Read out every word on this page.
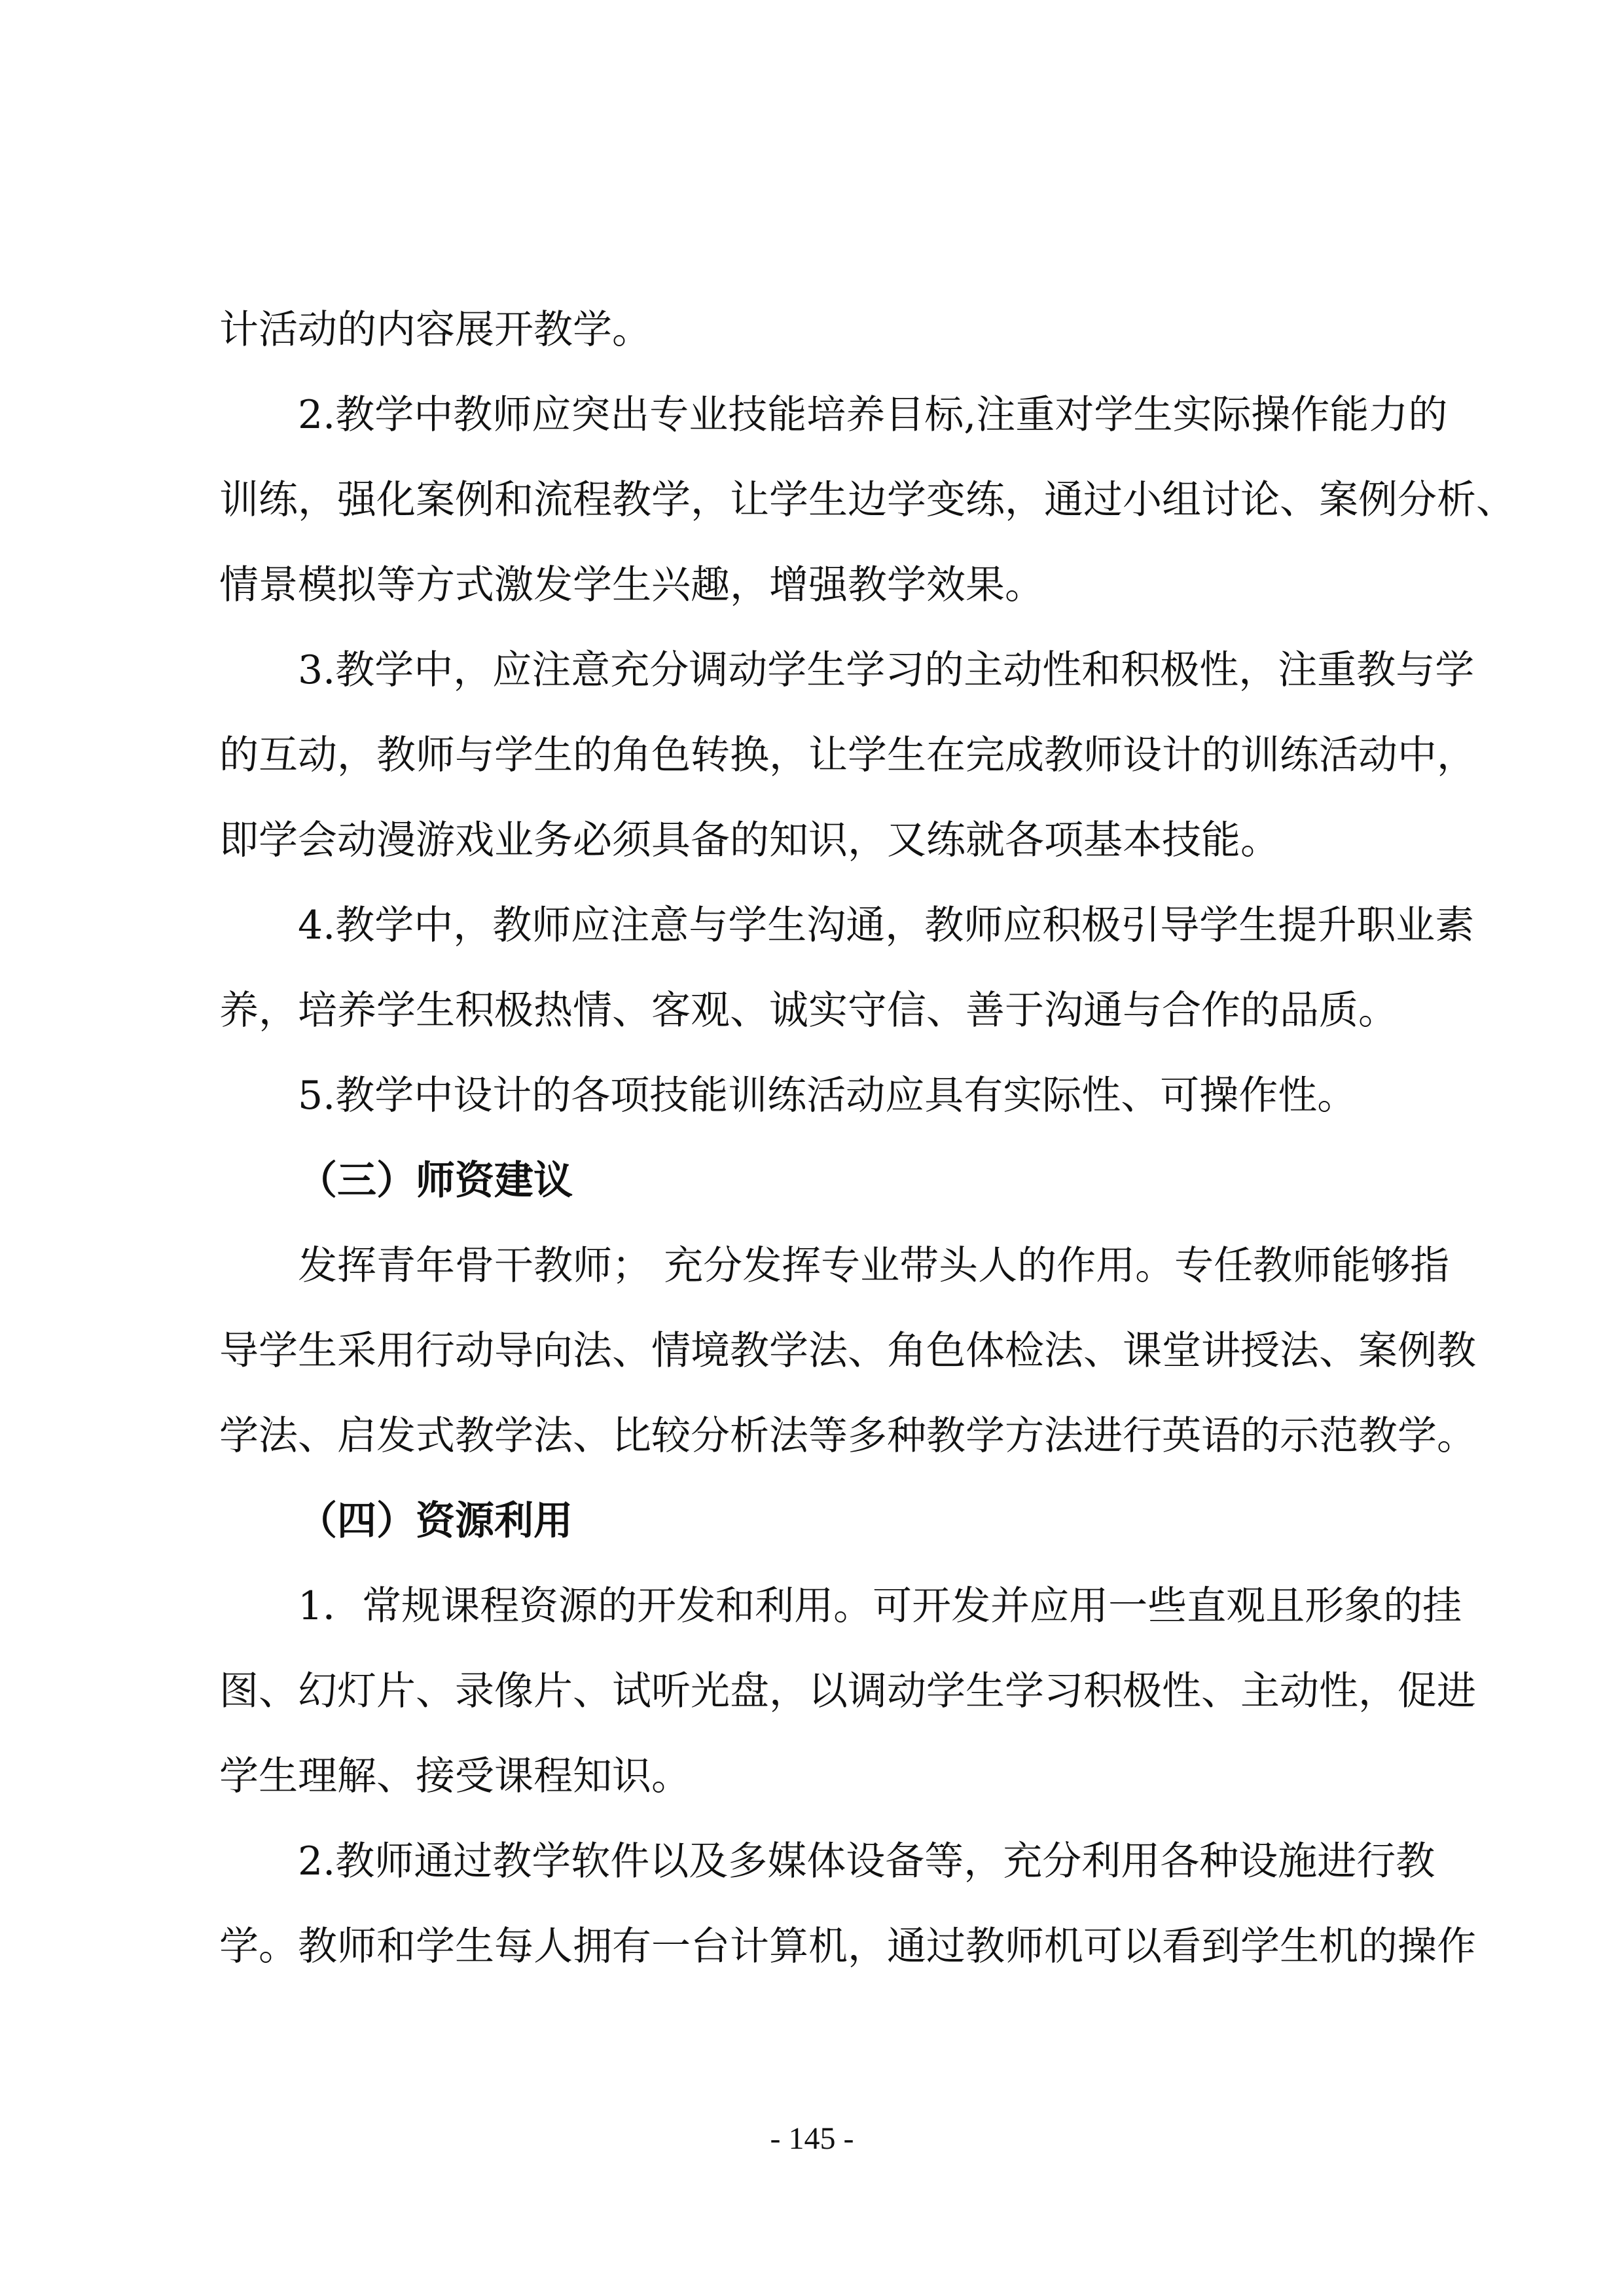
计活动的内容展开教学。
2.教学中教师应突出专业技能培养目标,注重对学生实际操作能力的
训练，强化案例和流程教学，让学生边学变练，通过小组讨论、案例分析、
情景模拟等方式激发学生兴趣，增强教学效果。
3.教学中，应注意充分调动学生学习的主动性和积极性，注重教与学
的互动，教师与学生的角色转换，让学生在完成教师设计的训练活动中，
即学会动漫游戏业务必须具备的知识，又练就各项基本技能。
4.教学中，教师应注意与学生沟通，教师应积极引导学生提升职业素
养，培养学生积极热情、客观、诚实守信、善于沟通与合作的品质。
5.教学中设计的各项技能训练活动应具有实际性、可操作性。
（三）师资建议
发挥青年骨干教师； 充分发挥专业带头人的作用。专任教师能够指
导学生采用行动导向法、情境教学法、角色体检法、课堂讲授法、案例教
学法、启发式教学法、比较分析法等多种教学方法进行英语的示范教学。
（四）资源利用
1．常规课程资源的开发和利用。可开发并应用一些直观且形象的挂
图、幻灯片、录像片、试听光盘，以调动学生学习积极性、主动性，促进
学生理解、接受课程知识。
2.教师通过教学软件以及多媒体设备等，充分利用各种设施进行教
学。教师和学生每人拥有一台计算机，通过教师机可以看到学生机的操作
- 145 -
